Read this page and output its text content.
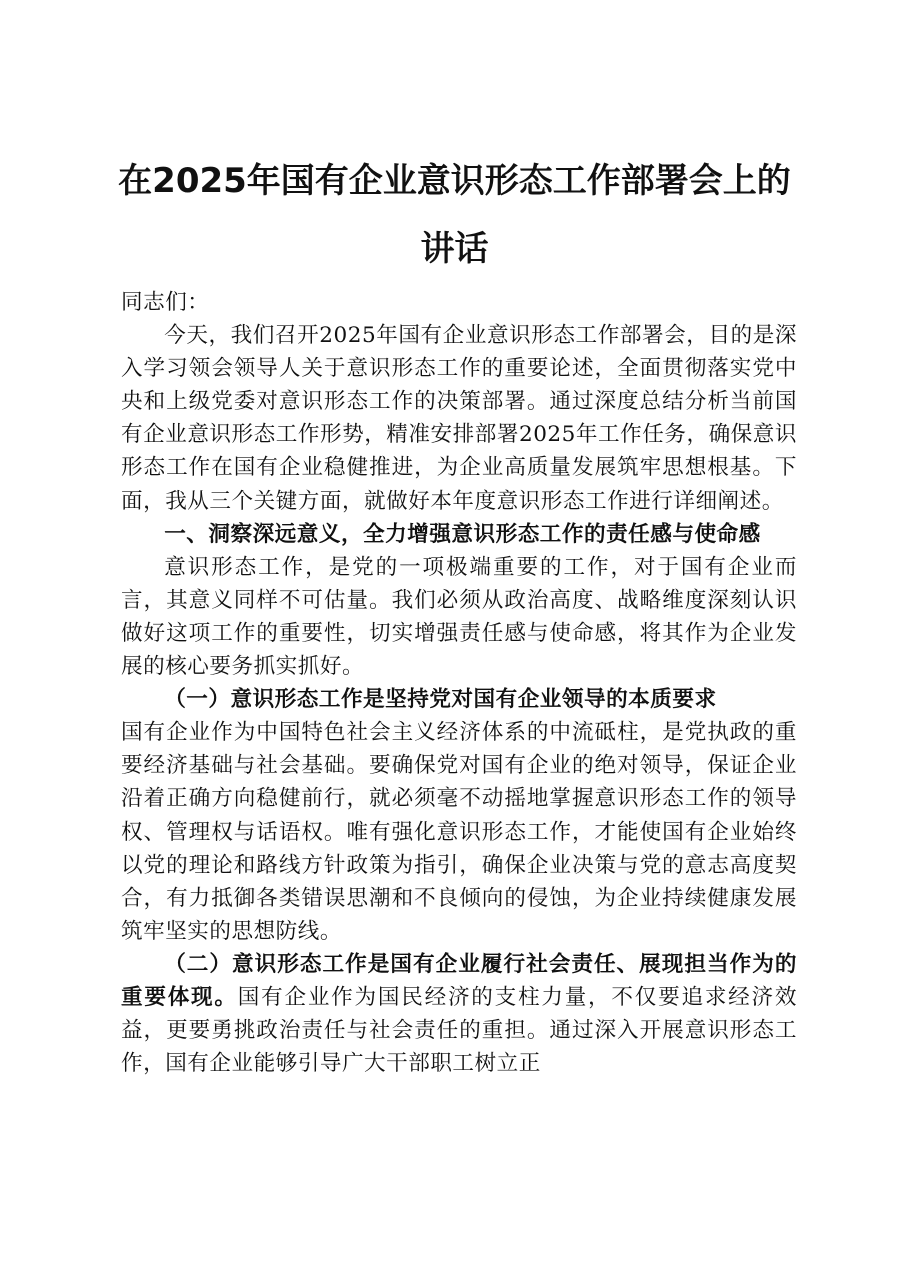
在2025年国有企业意识形态工作部署会上的
讲话

同志们：

今天，我们召开2025年国有企业意识形态工作部署会，目的是深入学习领会领导人关于意识形态工作的重要论述，全面贯彻落实党中央和上级党委对意识形态工作的决策部署。通过深度总结分析当前国有企业意识形态工作形势，精准安排部署2025年工作任务，确保意识形态工作在国有企业稳健推进，为企业高质量发展筑牢思想根基。下面，我从三个关键方面，就做好本年度意识形态工作进行详细阐述。

一、洞察深远意义，全力增强意识形态工作的责任感与使命感

意识形态工作，是党的一项极端重要的工作，对于国有企业而言，其意义同样不可估量。我们必须从政治高度、战略维度深刻认识做好这项工作的重要性，切实增强责任感与使命感，将其作为企业发展的核心要务抓实抓好。

（一）意识形态工作是坚持党对国有企业领导的本质要求

国有企业作为中国特色社会主义经济体系的中流砥柱，是党执政的重要经济基础与社会基础。要确保党对国有企业的绝对领导，保证企业沿着正确方向稳健前行，就必须毫不动摇地掌握意识形态工作的领导权、管理权与话语权。唯有强化意识形态工作，才能使国有企业始终以党的理论和路线方针政策为指引，确保企业决策与党的意志高度契合，有力抵御各类错误思潮和不良倾向的侵蚀，为企业持续健康发展筑牢坚实的思想防线。

（二）意识形态工作是国有企业履行社会责任、展现担当作为的重要体现。国有企业作为国民经济的支柱力量，不仅要追求经济效益，更要勇挑政治责任与社会责任的重担。通过深入开展意识形态工作，国有企业能够引导广大干部职工树立正
